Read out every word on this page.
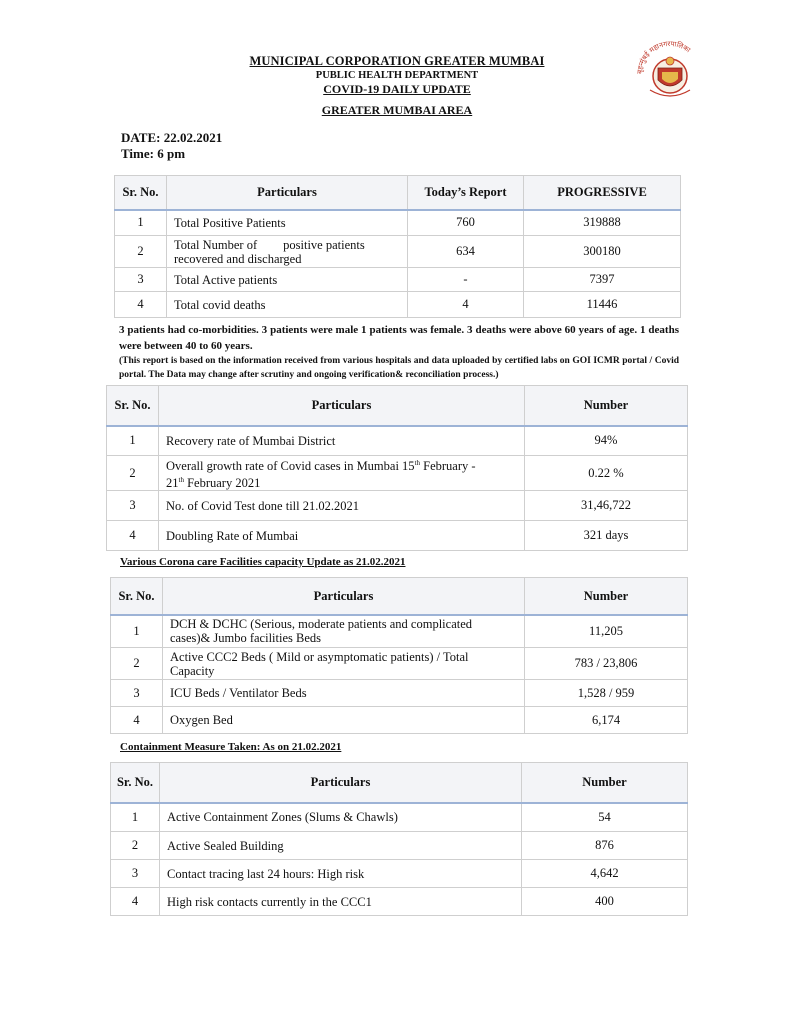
MUNICIPAL CORPORATION GREATER MUMBAI
PUBLIC HEALTH DEPARTMENT
COVID-19 DAILY UPDATE
GREATER MUMBAI AREA
बृहन्मुंबई महानगरपालिका
DATE: 22.02.2021
Time: 6 pm
Sr. No.	Particulars	Today’s Report	PROGRESSIVE
1	Total Positive Patients	760	319888
2	Total Number of positive patients
recovered and discharged	634	300180
3	Total Active patients	-	7397
4	Total covid deaths	4	11446
3 patients had co-morbidities. 3 patients were male 1 patients was female. 3 deaths were above 60 years of age. 1 deaths were between 40 to 60 years.
(This report is based on the information received from various hospitals and data uploaded by certified labs on GOI ICMR portal / Covid portal. The Data may change after scrutiny and ongoing verification& reconciliation process.)
Sr. No.	Particulars	Number
1	Recovery rate of Mumbai District	94%
2	Overall growth rate of Covid cases in Mumbai 15th February -
21th February 2021	0.22 %
3	No. of Covid Test done till 21.02.2021	31,46,722
4	Doubling Rate of Mumbai	321 days
Various Corona care Facilities capacity Update as 21.02.2021
Sr. No.	Particulars	Number
1	DCH & DCHC (Serious, moderate patients and complicated
cases)& Jumbo facilities Beds	11,205
2	Active CCC2 Beds ( Mild or asymptomatic patients) / Total
Capacity	783 / 23,806
3	ICU Beds / Ventilator Beds	1,528 / 959
4	Oxygen Bed	6,174
Containment Measure Taken: As on 21.02.2021
Sr. No.	Particulars	Number
1	Active Containment Zones (Slums & Chawls)	54
2	Active Sealed Building	876
3	Contact tracing last 24 hours: High risk	4,642
4	High risk contacts currently in the CCC1	400
